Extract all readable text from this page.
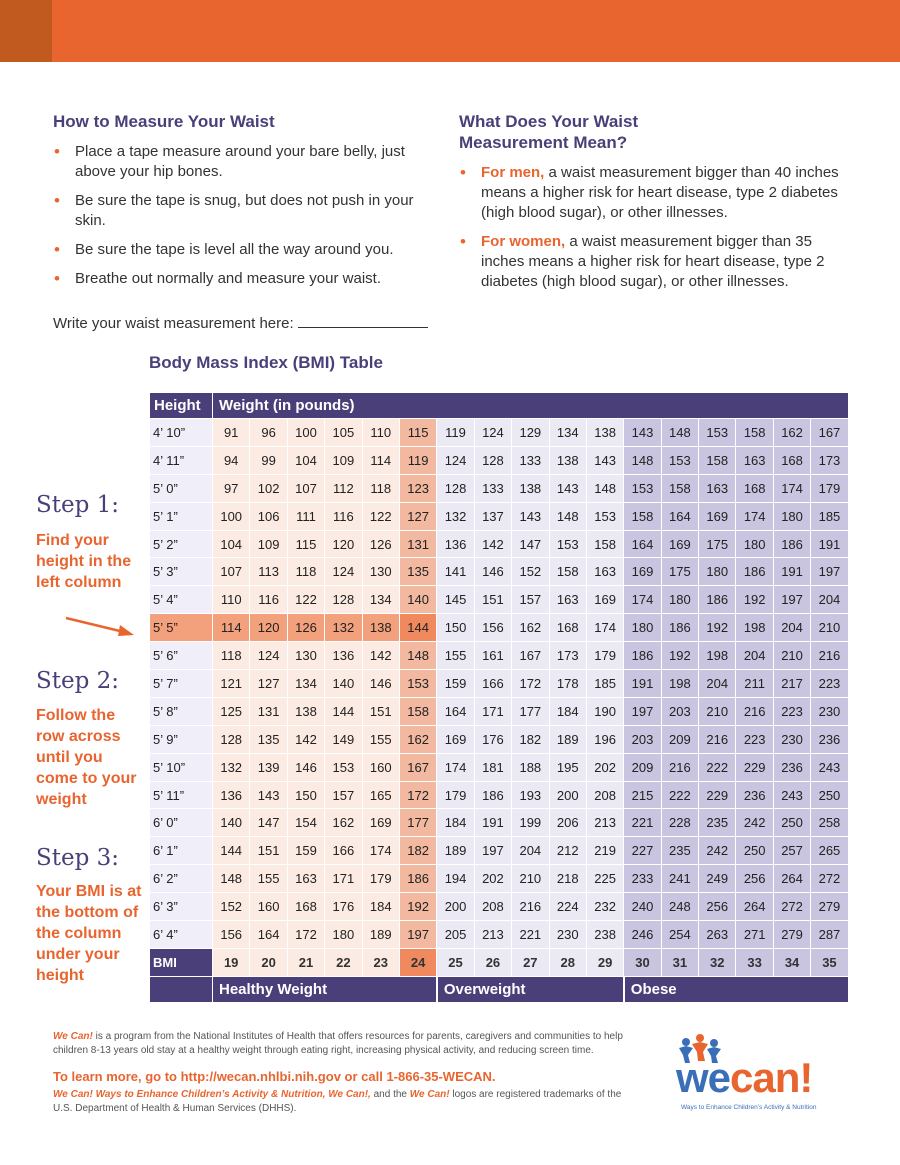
How to Measure Your Waist
• Place a tape measure around your bare belly, just above your hip bones.
• Be sure the tape is snug, but does not push in your skin.
• Be sure the tape is level all the way around you.
• Breathe out normally and measure your waist.
Write your waist measurement here:
What Does Your Waist
Measurement Mean?
• For men, a waist measurement bigger than 40 inches means a higher risk for heart disease, type 2 diabetes (high blood sugar), or other illnesses.
• For women, a waist measurement bigger than 35 inches means a higher risk for heart disease, type 2 diabetes (high blood sugar), or other illnesses.
Body Mass Index (BMI) Table
Height	Weight (in pounds)																
4’ 10”	91	96	100	105	110	115	119	124	129	134	138	143	148	153	158	162	167
4’ 11”	94	99	104	109	114	119	124	128	133	138	143	148	153	158	163	168	173
5’ 0”	97	102	107	112	118	123	128	133	138	143	148	153	158	163	168	174	179
5’ 1”	100	106	111	116	122	127	132	137	143	148	153	158	164	169	174	180	185
5’ 2”	104	109	115	120	126	131	136	142	147	153	158	164	169	175	180	186	191
5’ 3”	107	113	118	124	130	135	141	146	152	158	163	169	175	180	186	191	197
5’ 4”	110	116	122	128	134	140	145	151	157	163	169	174	180	186	192	197	204
5’ 5”	114	120	126	132	138	144	150	156	162	168	174	180	186	192	198	204	210
5’ 6”	118	124	130	136	142	148	155	161	167	173	179	186	192	198	204	210	216
5’ 7”	121	127	134	140	146	153	159	166	172	178	185	191	198	204	211	217	223
5’ 8”	125	131	138	144	151	158	164	171	177	184	190	197	203	210	216	223	230
5’ 9”	128	135	142	149	155	162	169	176	182	189	196	203	209	216	223	230	236
5’ 10”	132	139	146	153	160	167	174	181	188	195	202	209	216	222	229	236	243
5’ 11”	136	143	150	157	165	172	179	186	193	200	208	215	222	229	236	243	250
6’ 0”	140	147	154	162	169	177	184	191	199	206	213	221	228	235	242	250	258
6’ 1”	144	151	159	166	174	182	189	197	204	212	219	227	235	242	250	257	265
6’ 2”	148	155	163	171	179	186	194	202	210	218	225	233	241	249	256	264	272
6’ 3”	152	160	168	176	184	192	200	208	216	224	232	240	248	256	264	272	279
6’ 4”	156	164	172	180	189	197	205	213	221	230	238	246	254	263	271	279	287
BMI	19	20	21	22	23	24	25	26	27	28	29	30	31	32	33	34	35
	Healthy Weight						Overweight					Obese					
Step 1:
Find your height in the left column
Step 2:
Follow the row across until you come to your weight
Step 3:
Your BMI is at the bottom of the column under your height
We Can! is a program from the National Institutes of Health that offers resources for parents, caregivers and communities to help children 8-13 years old stay at a healthy weight through eating right, increasing physical activity, and reducing screen time.
To learn more, go to http://wecan.nhlbi.nih.gov or call 1-866-35-WECAN.
We Can! Ways to Enhance Children’s Activity & Nutrition, We Can!, and the We Can! logos are registered trademarks of the U.S. Department of Health & Human Services (DHHS).
wecan!
Ways to Enhance Children’s Activity & Nutrition
